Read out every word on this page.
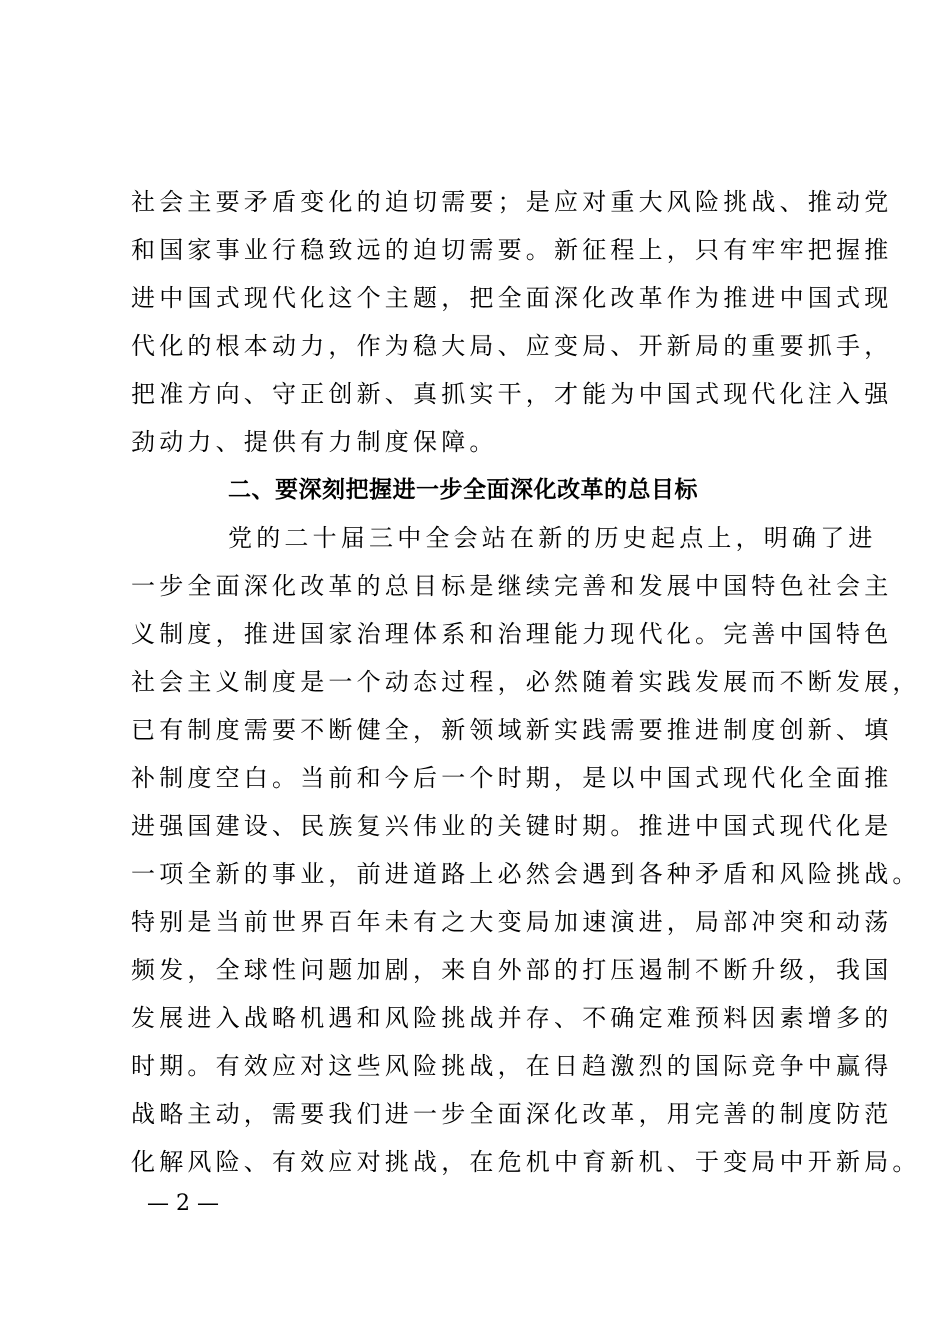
社会主要矛盾变化的迫切需要；是应对重大风险挑战、推动党
和国家事业行稳致远的迫切需要。新征程上，只有牢牢把握推
进中国式现代化这个主题，把全面深化改革作为推进中国式现
代化的根本动力，作为稳大局、应变局、开新局的重要抓手，
把准方向、守正创新、真抓实干，才能为中国式现代化注入强
劲动力、提供有力制度保障。
二、要深刻把握进一步全面深化改革的总目标
党的二十届三中全会站在新的历史起点上，明确了进
一步全面深化改革的总目标是继续完善和发展中国特色社会主
义制度，推进国家治理体系和治理能力现代化。完善中国特色
社会主义制度是一个动态过程，必然随着实践发展而不断发展，
已有制度需要不断健全，新领域新实践需要推进制度创新、填
补制度空白。当前和今后一个时期，是以中国式现代化全面推
进强国建设、民族复兴伟业的关键时期。推进中国式现代化是
一项全新的事业，前进道路上必然会遇到各种矛盾和风险挑战。
特别是当前世界百年未有之大变局加速演进，局部冲突和动荡
频发，全球性问题加剧，来自外部的打压遏制不断升级，我国
发展进入战略机遇和风险挑战并存、不确定难预料因素增多的
时期。有效应对这些风险挑战，在日趋激烈的国际竞争中赢得
战略主动，需要我们进一步全面深化改革，用完善的制度防范
化解风险、有效应对挑战，在危机中育新机、于变局中开新局。
— 2 —
